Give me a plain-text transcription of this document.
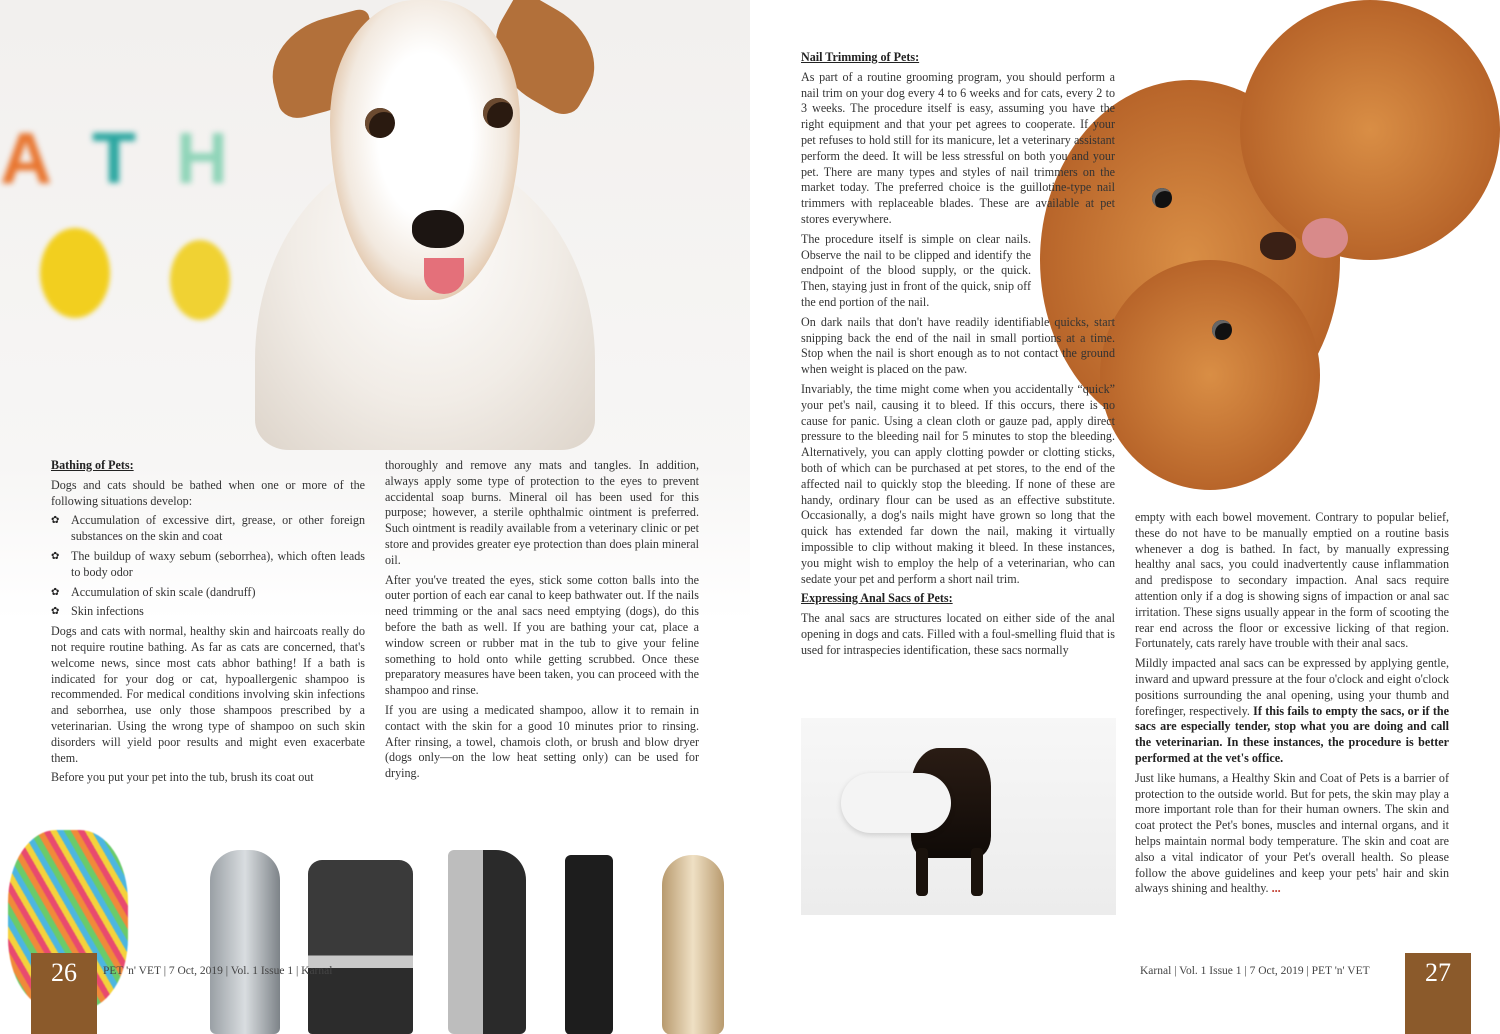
A T H

Bathing of Pets:

Dogs and cats should be bathed when one or more of the following situations develop:

✿ Accumulation of excessive dirt, grease, or other foreign substances on the skin and coat
✿ The buildup of waxy sebum (seborrhea), which often leads to body odor
✿ Accumulation of skin scale (dandruff)
✿ Skin infections

Dogs and cats with normal, healthy skin and haircoats really do not require routine bathing. As far as cats are concerned, that's welcome news, since most cats abhor bathing! If a bath is indicated for your dog or cat, hypoallergenic shampoo is recommended. For medical conditions involving skin infections and seborrhea, use only those shampoos prescribed by a veterinarian. Using the wrong type of shampoo on such skin disorders will yield poor results and might even exacerbate them.

Before you put your pet into the tub, brush its coat out

thoroughly and remove any mats and tangles. In addition, always apply some type of protection to the eyes to prevent accidental soap burns. Mineral oil has been used for this purpose; however, a sterile ophthalmic ointment is preferred. Such ointment is readily available from a veterinary clinic or pet store and provides greater eye protection than does plain mineral oil.

After you've treated the eyes, stick some cotton balls into the outer portion of each ear canal to keep bathwater out. If the nails need trimming or the anal sacs need emptying (dogs), do this before the bath as well. If you are bathing your cat, place a window screen or rubber mat in the tub to give your feline something to hold onto while getting scrubbed. Once these preparatory measures have been taken, you can proceed with the shampoo and rinse.

If you are using a medicated shampoo, allow it to remain in contact with the skin for a good 10 minutes prior to rinsing. After rinsing, a towel, chamois cloth, or brush and blow dryer (dogs only—on the low heat setting only) can be used for drying.

26	PET 'n' VET | 7 Oct, 2019 | Vol. 1 Issue 1 | Karnal

Nail Trimming of Pets:

As part of a routine grooming program, you should perform a nail trim on your dog every 4 to 6 weeks and for cats, every 2 to 3 weeks. The procedure itself is easy, assuming you have the right equipment and that your pet agrees to cooperate. If your pet refuses to hold still for its manicure, let a veterinary assistant perform the deed. It will be less stressful on both you and your pet. There are many types and styles of nail trimmers on the market today. The preferred choice is the guillotine-type nail trimmers with replaceable blades. These are available at pet stores everywhere.

The procedure itself is simple on clear nails. Observe the nail to be clipped and identify the endpoint of the blood supply, or the quick. Then, staying just in front of the quick, snip off the end portion of the nail.

On dark nails that don't have readily identifiable quicks, start snipping back the end of the nail in small portions at a time. Stop when the nail is short enough as to not contact the ground when weight is placed on the paw.

Invariably, the time might come when you accidentally “quick” your pet's nail, causing it to bleed. If this occurs, there is no cause for panic. Using a clean cloth or gauze pad, apply direct pressure to the bleeding nail for 5 minutes to stop the bleeding. Alternatively, you can apply clotting powder or clotting sticks, both of which can be purchased at pet stores, to the end of the affected nail to quickly stop the bleeding. If none of these are handy, ordinary flour can be used as an effective substitute. Occasionally, a dog's nails might have grown so long that the quick has extended far down the nail, making it virtually impossible to clip without making it bleed. In these instances, you might wish to employ the help of a veterinarian, who can sedate your pet and perform a short nail trim.

Expressing Anal Sacs of Pets:

The anal sacs are structures located on either side of the anal opening in dogs and cats. Filled with a foul-smelling fluid that is used for intraspecies identification, these sacs normally

empty with each bowel movement. Contrary to popular belief, these do not have to be manually emptied on a routine basis whenever a dog is bathed. In fact, by manually expressing healthy anal sacs, you could inadvertently cause inflammation and predispose to secondary impaction. Anal sacs require attention only if a dog is showing signs of impaction or anal sac irritation. These signs usually appear in the form of scooting the rear end across the floor or excessive licking of that region. Fortunately, cats rarely have trouble with their anal sacs.

Mildly impacted anal sacs can be expressed by applying gentle, inward and upward pressure at the four o'clock and eight o'clock positions surrounding the anal opening, using your thumb and forefinger, respectively. If this fails to empty the sacs, or if the sacs are especially tender, stop what you are doing and call the veterinarian. In these instances, the procedure is better performed at the vet's office.

Just like humans, a Healthy Skin and Coat of Pets is a barrier of protection to the outside world. But for pets, the skin may play a more important role than for their human owners. The skin and coat protect the Pet's bones, muscles and internal organs, and it helps maintain normal body temperature. The skin and coat are also a vital indicator of your Pet's overall health. So please follow the above guidelines and keep your pets' hair and skin always shining and healthy. ...

Karnal | Vol. 1 Issue 1 | 7 Oct, 2019 | PET 'n' VET	27
